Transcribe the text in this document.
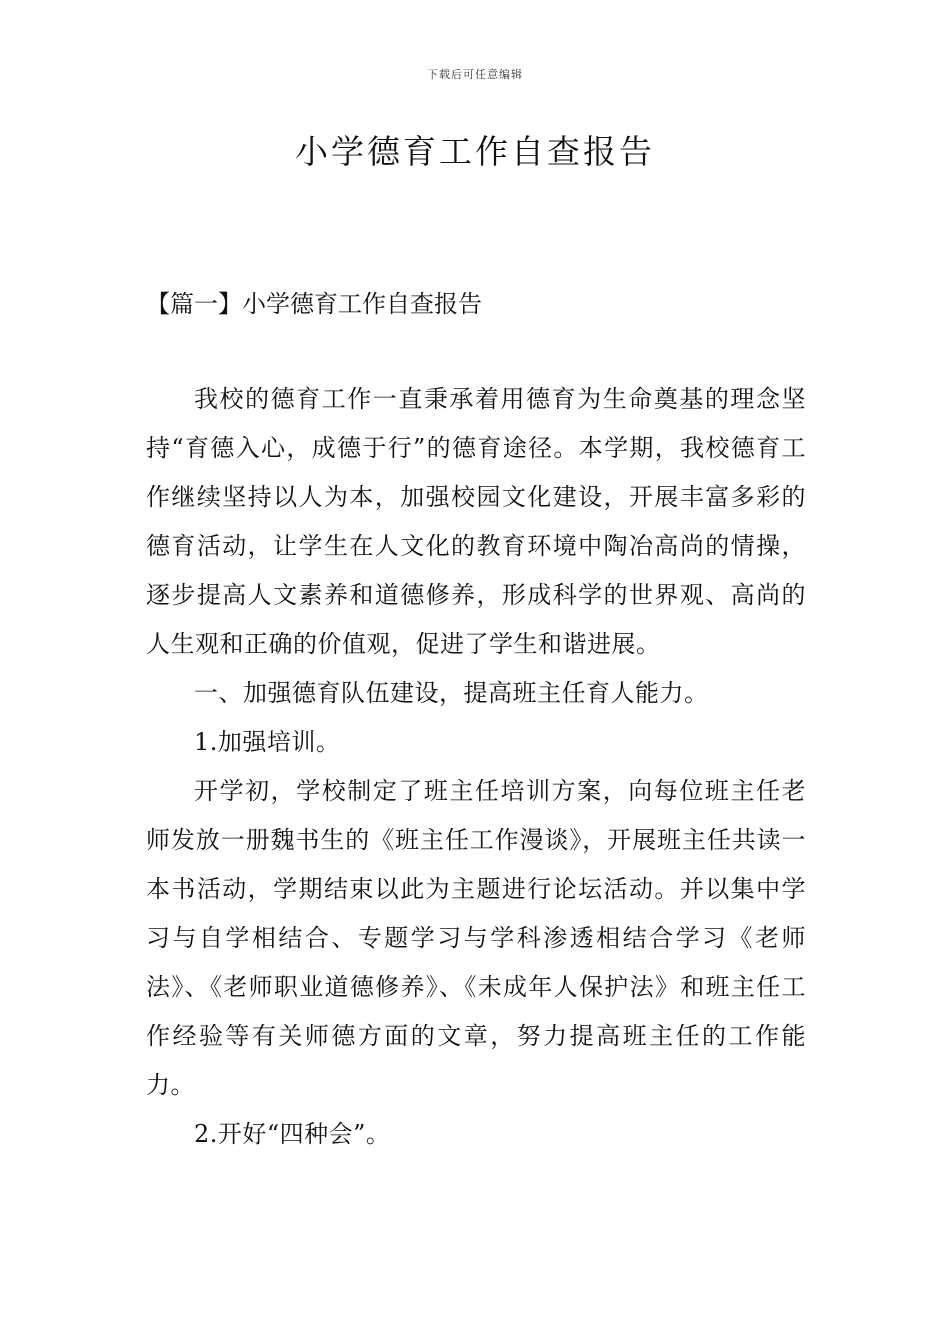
下载后可任意编辑
小学德育工作自查报告
【篇一】小学德育工作自查报告

我校的德育工作一直秉承着用德育为生命奠基的理念坚持“育德入心，成德于行”的德育途径。本学期，我校德育工作继续坚持以人为本，加强校园文化建设，开展丰富多彩的德育活动，让学生在人文化的教育环境中陶冶高尚的情操，逐步提高人文素养和道德修养，形成科学的世界观、高尚的人生观和正确的价值观，促进了学生和谐进展。

一、加强德育队伍建设，提高班主任育人能力。

1.加强培训。

开学初，学校制定了班主任培训方案，向每位班主任老师发放一册魏书生的《班主任工作漫谈》，开展班主任共读一本书活动，学期结束以此为主题进行论坛活动。并以集中学习与自学相结合、专题学习与学科渗透相结合学习《老师法》、《老师职业道德修养》、《未成年人保护法》和班主任工作经验等有关师德方面的文章，努力提高班主任的工作能力。

2.开好“四种会”。
